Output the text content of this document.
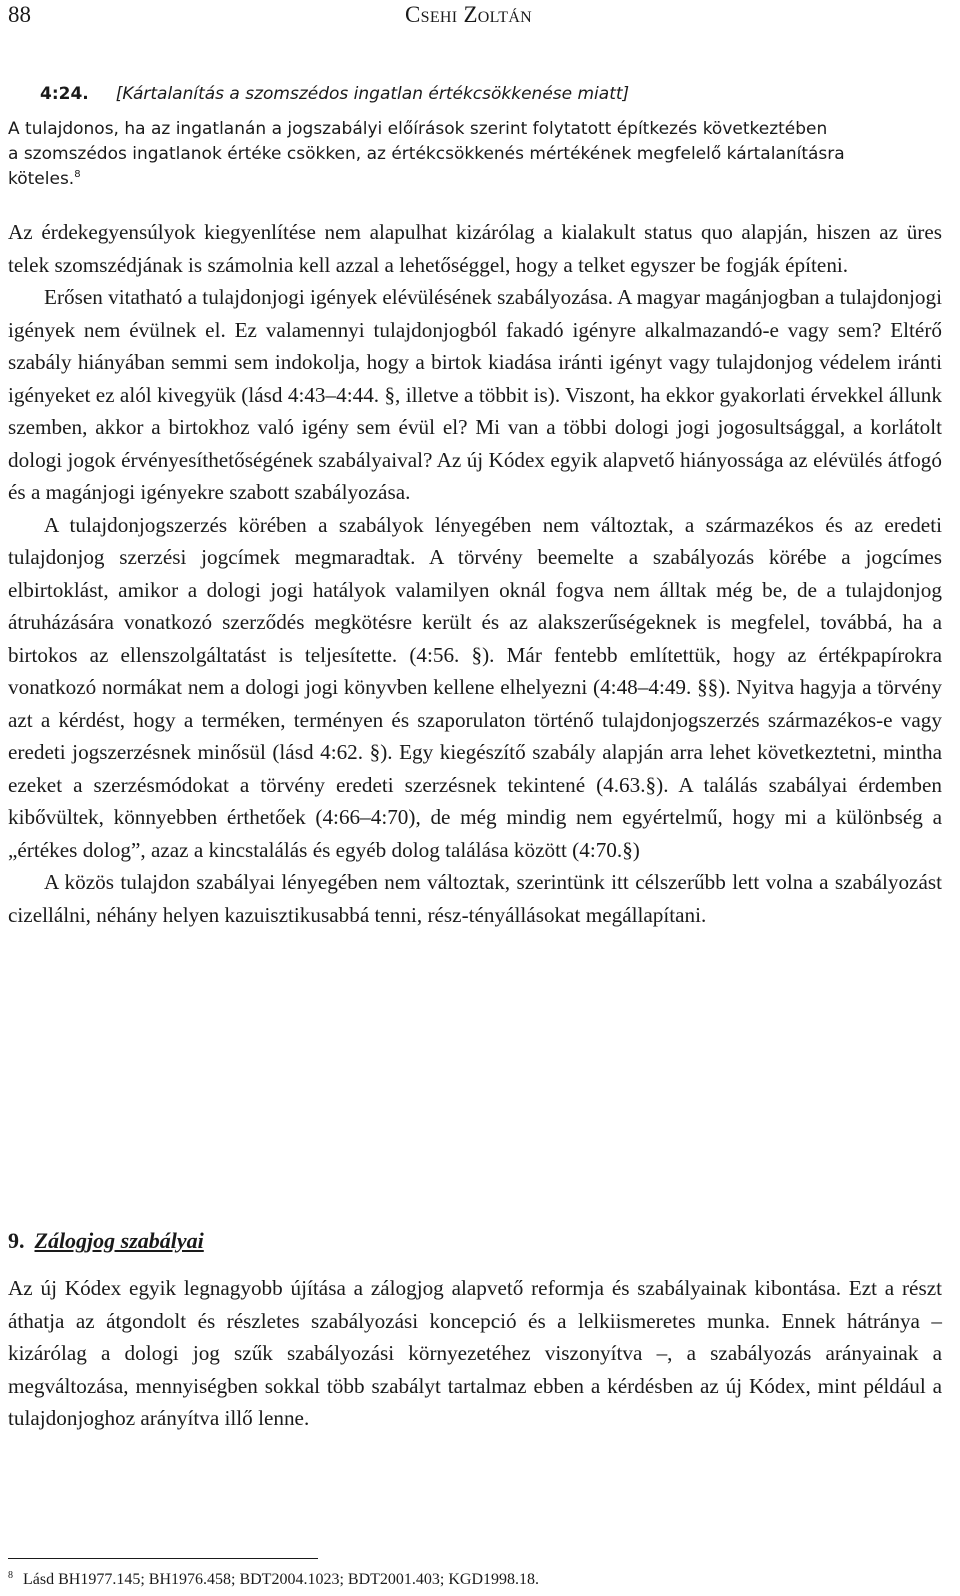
88	Csehi Zoltán
4:24. [Kártalanítás a szomszédos ingatlan értékcsökkenése miatt]
A tulajdonos, ha az ingatlanán a jogszabályi előírások szerint folytatott építkezés következtében
a szomszédos ingatlanok értéke csökken, az értékcsökkenés mértékének megfelelő kártalanításra
köteles.$^8$

Az érdekegyensúlyok kiegyenlítése nem alapulhat kizárólag a kialakult status quo alapján, hiszen az üres telek szomszédjának is számolnia kell azzal a lehetőséggel, hogy a telket egyszer be fogják építeni.

Erősen vitatható a tulajdonjogi igények elévülésének szabályozása. A magyar magánjogban a tulajdonjogi igények nem évülnek el. Ez valamennyi tulajdonjogból fakadó igényre alkalmazandó-e vagy sem? Eltérő szabály hiányában semmi sem indokolja, hogy a birtok kiadása iránti igényt vagy tulajdonjog védelem iránti igényeket ez alól kivegyük (lásd 4:43–4:44. §, illetve a többit is). Viszont, ha ekkor gyakorlati érvekkel állunk szemben, akkor a birtokhoz való igény sem évül el? Mi van a többi dologi jogi jogosultsággal, a korlátolt dologi jogok érvényesíthetőségének szabályaival? Az új Kódex egyik alapvető hiányossága az elévülés átfogó és a magánjogi igényekre szabott szabályozása.

A tulajdonjogszerzés körében a szabályok lényegében nem változtak, a származékos és az eredeti tulajdonjog szerzési jogcímek megmaradtak. A törvény beemelte a szabályozás körébe a jogcímes elbirtoklást, amikor a dologi jogi hatályok valamilyen oknál fogva nem álltak még be, de a tulajdonjog átruházására vonatkozó szerződés megkötésre került és az alakszerűségeknek is megfelel, továbbá, ha a birtokos az ellenszolgáltatást is teljesítette. (4:56. §). Már fentebb említettük, hogy az értékpapírokra vonatkozó normákat nem a dologi jogi könyvben kellene elhelyezni (4:48–4:49. §§). Nyitva hagyja a törvény azt a kérdést, hogy a terméken, terményen és szaporulaton történő tulajdonjogszerzés származékos-e vagy eredeti jogszerzésnek minősül (lásd 4:62. §). Egy kiegészítő szabály alapján arra lehet következtetni, mintha ezeket a szerzésmódokat a törvény eredeti szerzésnek tekintené (4.63.§). A találás szabályai érdemben kibővültek, könnyebben érthetőek (4:66–4:70), de még mindig nem egyértelmű, hogy mi a különbség a „értékes dolog”, azaz a kincstalálás és egyéb dolog találása között (4:70.§)

A közös tulajdon szabályai lényegében nem változtak, szerintünk itt célszerűbb lett volna a szabályozást cizellálni, néhány helyen kazuisztikusabbá tenni, rész-tényállásokat megállapítani.

9. Zálogjog szabályai

Az új Kódex egyik legnagyobb újítása a zálogjog alapvető reformja és szabályainak kibontása. Ezt a részt áthatja az átgondolt és részletes szabályozási koncepció és a lelkiismeretes munka. Ennek hátránya – kizárólag a dologi jog szűk szabályozási környezetéhez viszonyítva –, a szabályozás arányainak a megváltozása, mennyiségben sokkal több szabályt tartalmaz ebben a kérdésben az új Kódex, mint például a tulajdonjoghoz arányítva illő lenne.

$^8$ Lásd BH1977.145; BH1976.458; BDT2004.1023; BDT2001.403; KGD1998.18.
